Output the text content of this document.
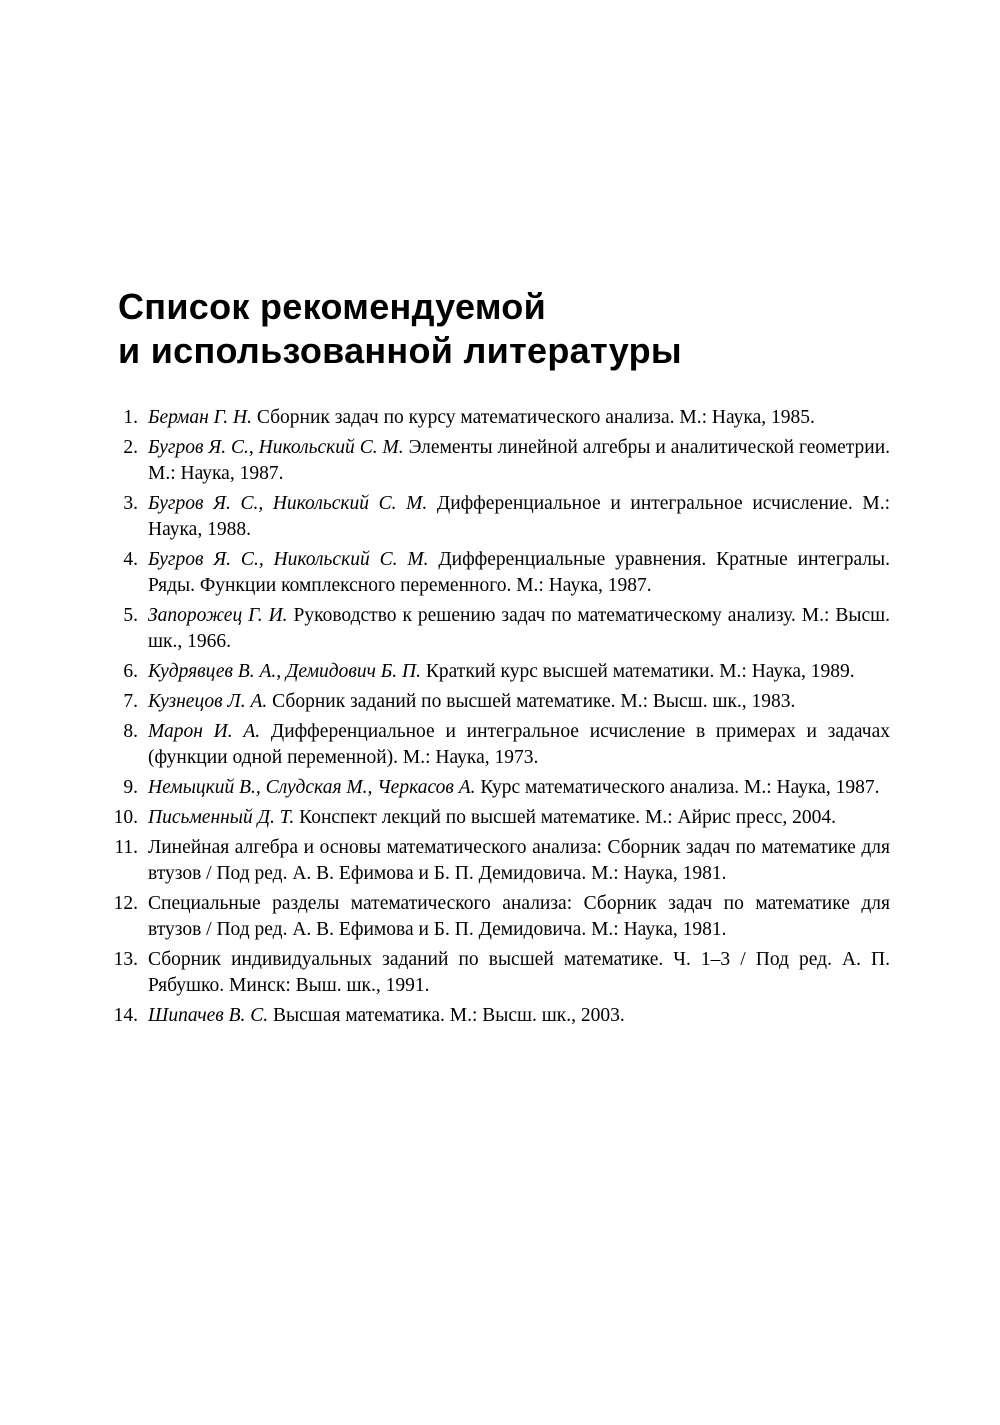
Список рекомендуемой
и использованной литературы
1. Берман Г. Н. Сборник задач по курсу математического анализа. М.: Наука, 1985.
2. Бугров Я. С., Никольский С. М. Элементы линейной алгебры и аналитической геометрии. М.: Наука, 1987.
3. Бугров Я. С., Никольский С. М. Дифференциальное и интегральное исчисление. М.: Наука, 1988.
4. Бугров Я. С., Никольский С. М. Дифференциальные уравнения. Кратные интегралы. Ряды. Функции комплексного переменного. М.: Наука, 1987.
5. Запорожец Г. И. Руководство к решению задач по математическому анализу. М.: Высш. шк., 1966.
6. Кудрявцев В. А., Демидович Б. П. Краткий курс высшей математики. М.: Наука, 1989.
7. Кузнецов Л. А. Сборник заданий по высшей математике. М.: Высш. шк., 1983.
8. Марон И. А. Дифференциальное и интегральное исчисление в примерах и задачах (функции одной переменной). М.: Наука, 1973.
9. Немыцкий В., Слудская М., Черкасов А. Курс математического анализа. М.: Наука, 1987.
10. Письменный Д. Т. Конспект лекций по высшей математике. М.: Айрис пресс, 2004.
11. Линейная алгебра и основы математического анализа: Сборник задач по математике для втузов / Под ред. А. В. Ефимова и Б. П. Демидовича. М.: Наука, 1981.
12. Специальные разделы математического анализа: Сборник задач по математике для втузов / Под ред. А. В. Ефимова и Б. П. Демидовича. М.: Наука, 1981.
13. Сборник индивидуальных заданий по высшей математике. Ч. 1–3 / Под ред. А. П. Рябушко. Минск: Выш. шк., 1991.
14. Шипачев В. С. Высшая математика. М.: Высш. шк., 2003.
